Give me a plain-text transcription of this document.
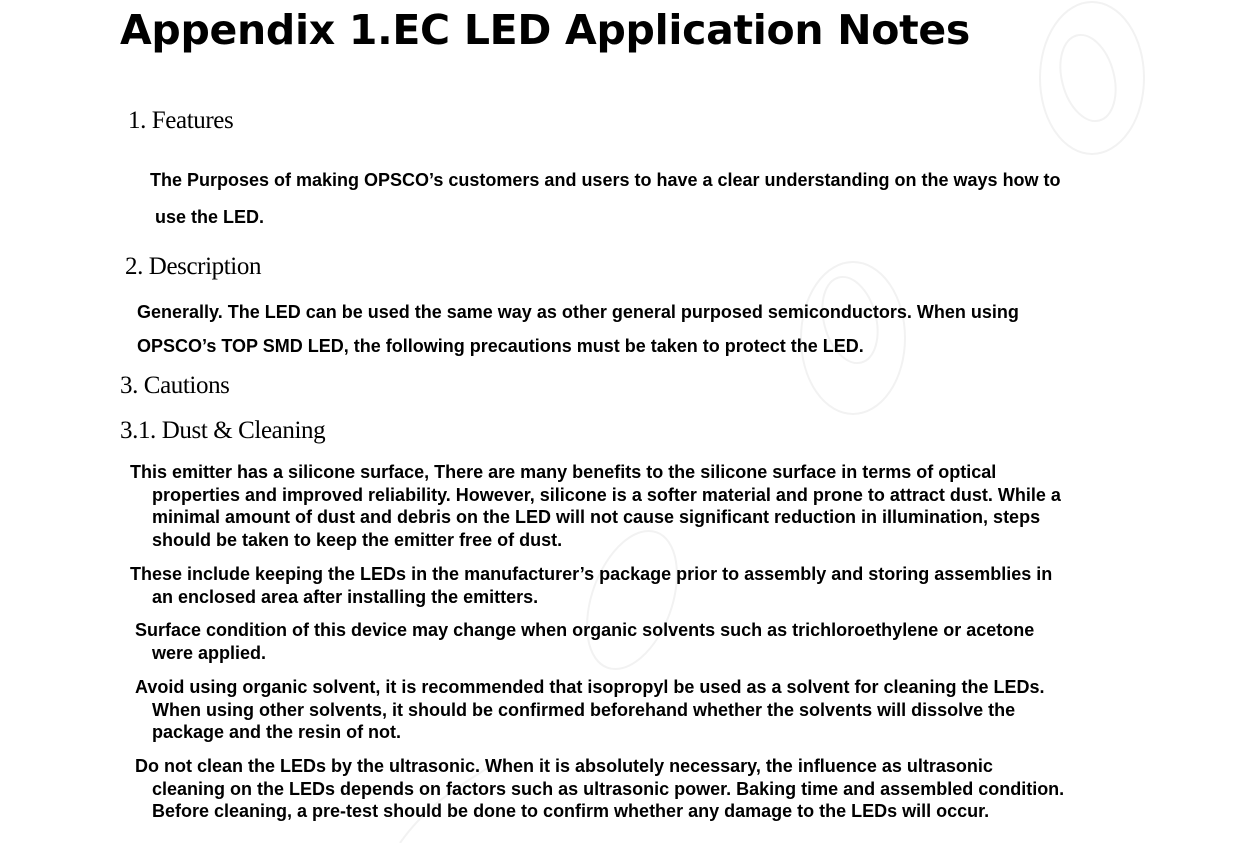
Appendix 1.EC LED Application Notes
1. Features
The Purposes of making OPSCO’s customers and users to have a clear understanding on the ways how to
use the LED.
2. Description
Generally. The LED can be used the same way as other general purposed semiconductors. When using
OPSCO’s TOP SMD LED, the following precautions must be taken to protect the LED.
3. Cautions
3.1. Dust & Cleaning
This emitter has a silicone surface, There are many benefits to the silicone surface in terms of optical
properties and improved reliability. However, silicone is a softer material and prone to attract dust. While a
minimal amount of dust and debris on the LED will not cause significant reduction in illumination, steps
should be taken to keep the emitter free of dust.
These include keeping the LEDs in the manufacturer’s package prior to assembly and storing assemblies in
an enclosed area after installing the emitters.
Surface condition of this device may change when organic solvents such as trichloroethylene or acetone
were applied.
Avoid using organic solvent, it is recommended that isopropyl be used as a solvent for cleaning the LEDs.
When using other solvents, it should be confirmed beforehand whether the solvents will dissolve the
package and the resin of not.
Do not clean the LEDs by the ultrasonic. When it is absolutely necessary, the influence as ultrasonic
cleaning on the LEDs depends on factors such as ultrasonic power. Baking time and assembled condition.
Before cleaning, a pre-test should be done to confirm whether any damage to the LEDs will occur.
